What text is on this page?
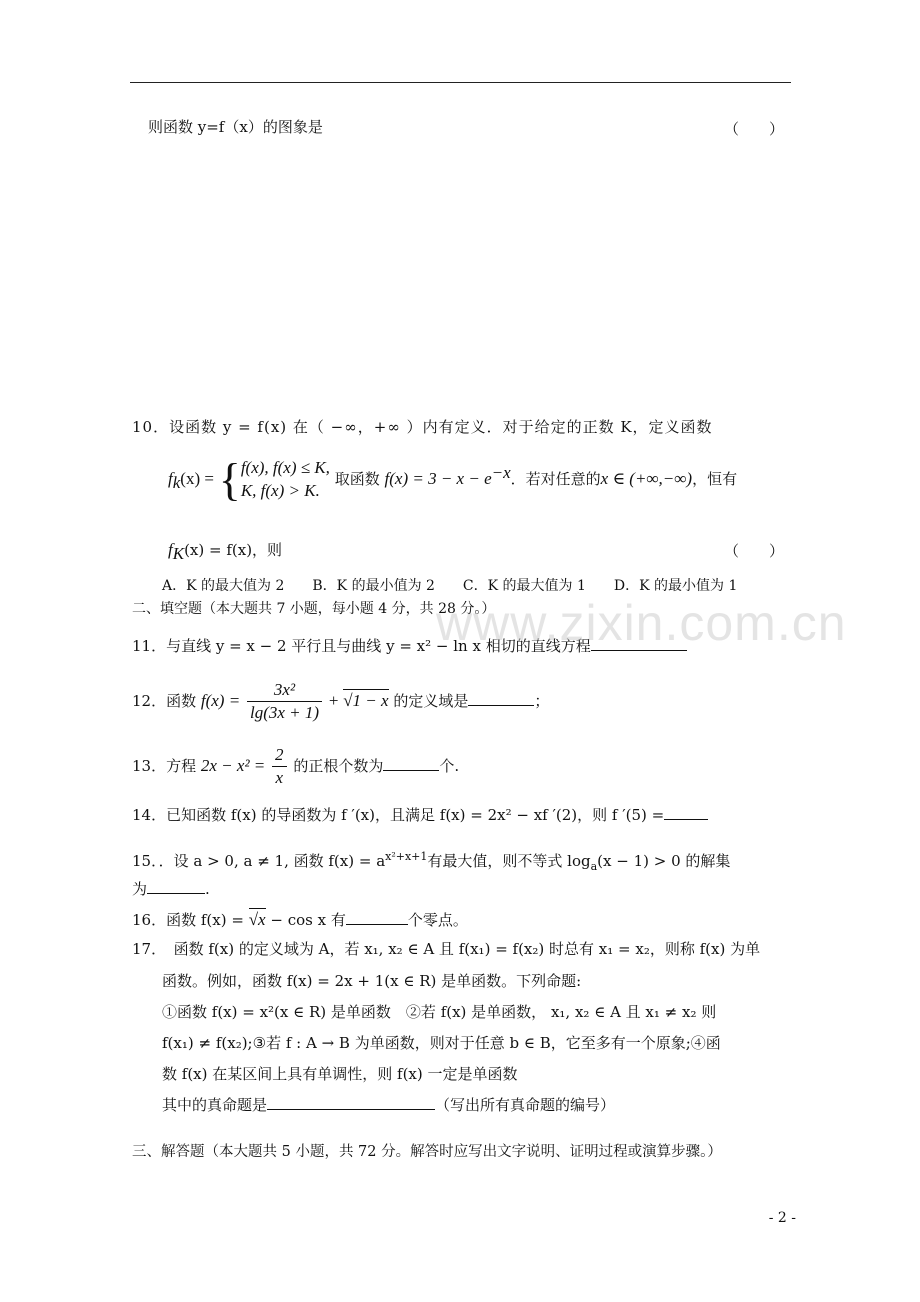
则函数 y=f（x）的图象是	（　　）
10．设函数 y = f(x) 在（ −∞，+∞ ）内有定义．对于给定的正数 K，定义函数
$f_k(x)$ = { f(x), f(x) ≤ K,
K, f(x) > K.
取函数 $f(x) = 3 - x - e^{-x}$．若对任意的x ∈ (+∞,−∞)，恒有
$f_K(x) = f(x)$，则	（　　）
A．K 的最大值为 2　　B．K 的最小值为 2　　C．K 的最大值为 1　　D．K 的最小值为 1
二、填空题（本大题共 7 小题，每小题 4 分，共 28 分。）
11．与直线 y = x − 2 平行且与曲线 y = x² − ln x 相切的直线方程
12．函数 $f(x) = \frac{\text{3x²}}{\lg(3x + 1)} + √1 - x$ 的定义域是	；
13．方程 $2x - x^2 = \frac{2}{x}$ 的正根个数为	个.
14．已知函数 f(x) 的导函数为 f ′(x)，且满足 f(x) = 2x² − xf ′(2)，则 f ′(5) =
15．．设 a > 0, a ≠ 1, 函数 $f(x) = a^{x^2+x+1}$有最大值，则不等式 $\log_a(x - 1) > 0$ 的解集
为	.
16．函数 f(x) = √x − cos x 有	个零点。
17．　函数 f(x) 的定义域为 A，若 x₁, x₂ ∈ A 且 f(x₁) = f(x₂) 时总有 x₁ = x₂，则称 f(x) 为单
函数。例如，函数 f(x) = 2x + 1(x ∈ R) 是单函数。下列命题:
①函数 f(x) = x²(x ∈ R) 是单函数　②若 f(x) 是单函数， x₁, x₂ ∈ A 且 x₁ ≠ x₂ 则
f(x₁) ≠ f(x₂);③若 f : A → B 为单函数，则对于任意 b ∈ B，它至多有一个原象;④函
数 f(x) 在某区间上具有单调性，则 f(x) 一定是单函数
其中的真命题是	（写出所有真命题的编号）
三、解答题（本大题共 5 小题，共 72 分。解答时应写出文字说明、证明过程或演算步骤。）
www.zixin.com.cn
- 2 -
